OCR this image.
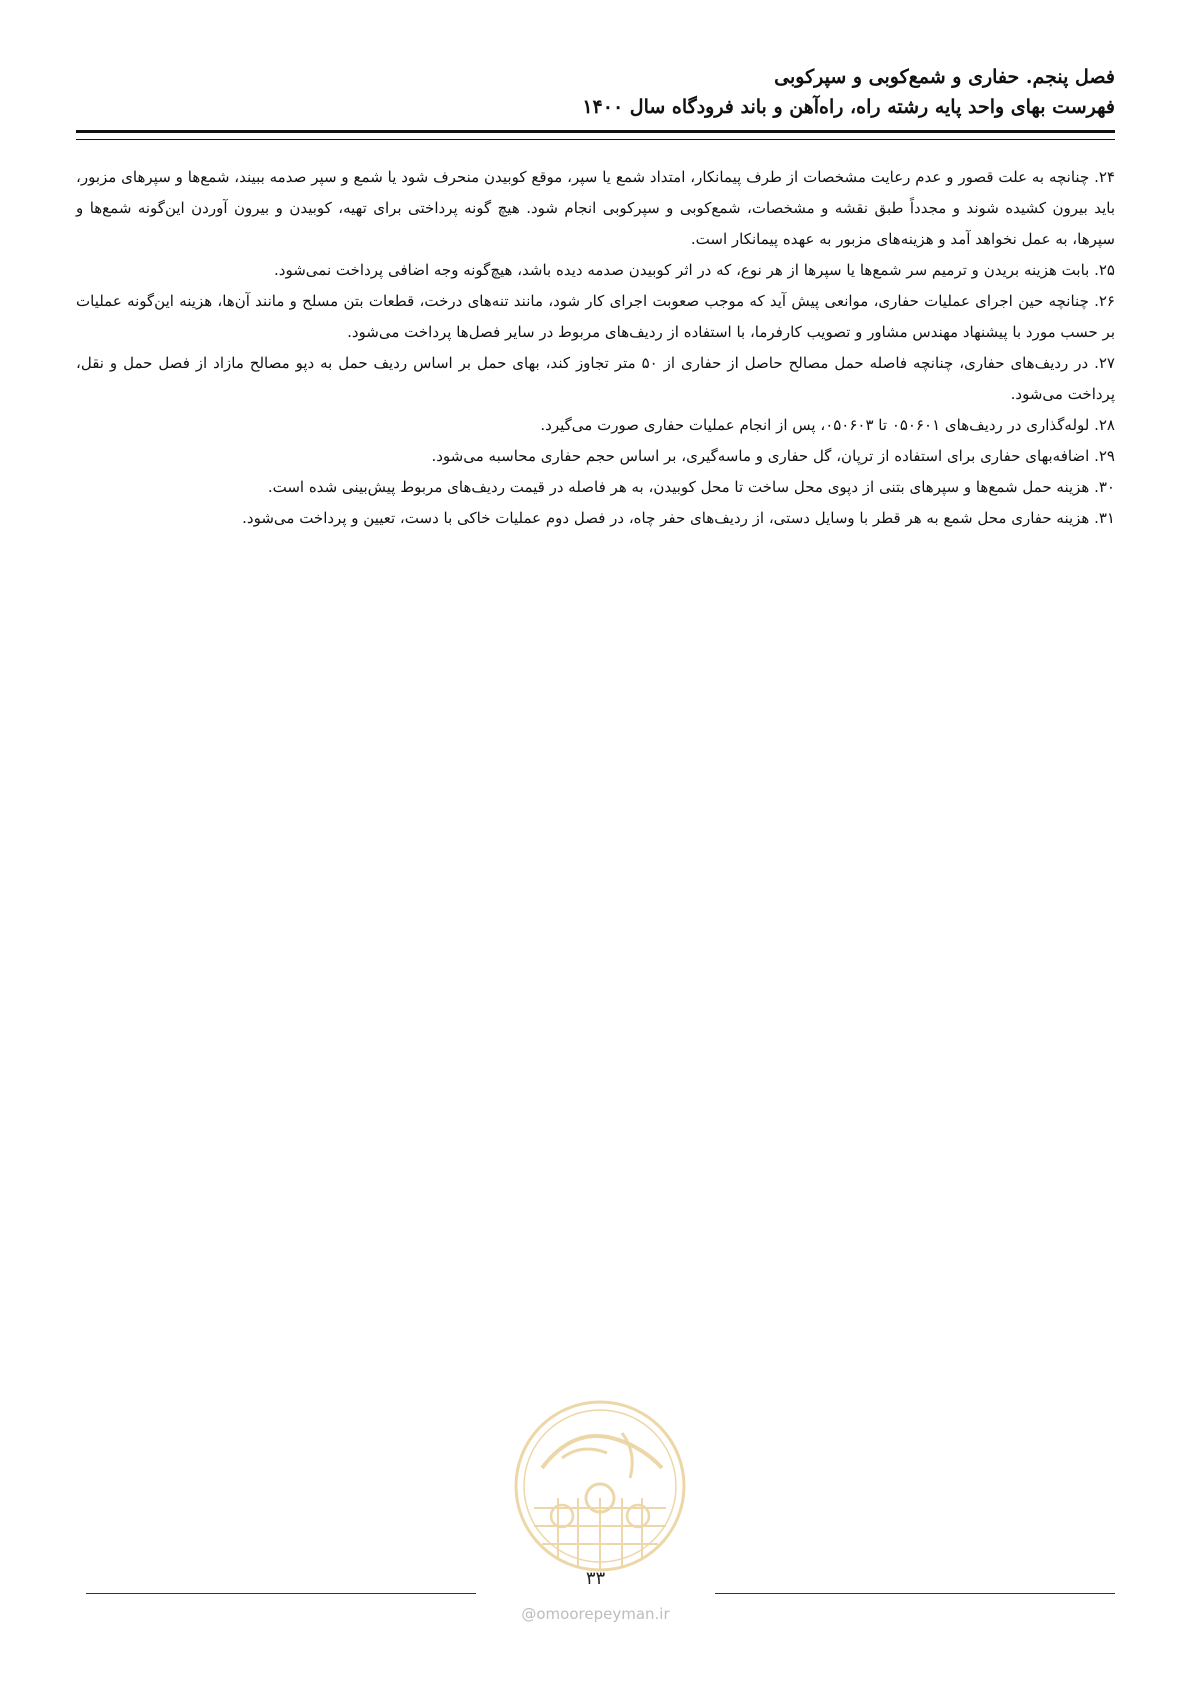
فصل پنجم. حفاری و شمع‌کوبی و سپرکوبی
فهرست بهای واحد پایه رشته راه، راه‌آهن و باند فرودگاه سال ۱۴۰۰

۲۴. چنانچه به علت قصور و عدم رعایت مشخصات از طرف پیمانکار، امتداد شمع یا سپر، موقع کوبیدن منحرف شود یا شمع و سپر صدمه ببیند، شمع‌ها و سپرهای مزبور، باید بیرون کشیده شوند و مجدداً طبق نقشه و مشخصات، شمع‌کوبی و سپرکوبی انجام شود. هیچ گونه پرداختی برای تهیه، کوبیدن و بیرون آوردن این‌گونه شمع‌ها و سپرها، به عمل نخواهد آمد و هزینه‌های مزبور به عهده پیمانکار است.

۲۵. بابت هزینه بریدن و ترمیم سر شمع‌ها یا سپرها از هر نوع، که در اثر کوبیدن صدمه دیده باشد، هیچ‌گونه وجه اضافی پرداخت نمی‌شود.

۲۶. چنانچه حین اجرای عملیات حفاری، موانعی پیش آید که موجب صعوبت اجرای کار شود، مانند تنه‌های درخت، قطعات بتن مسلح و مانند آن‌ها، هزینه این‌گونه عملیات بر حسب مورد با پیشنهاد مهندس مشاور و تصویب کارفرما، با استفاده از ردیف‌های مربوط در سایر فصل‌ها پرداخت می‌شود.

۲۷. در ردیف‌های حفاری، چنانچه فاصله حمل مصالح حاصل از حفاری از ۵۰ متر تجاوز کند، بهای حمل بر اساس ردیف حمل به دپو مصالح مازاد از فصل حمل و نقل، پرداخت می‌شود.

۲۸. لوله‌گذاری در ردیف‌های ۰۵۰۶۰۱ تا ۰۵۰۶۰۳، پس از انجام عملیات حفاری صورت می‌گیرد.

۲۹. اضافه‌بهای حفاری برای استفاده از ترپان، گل حفاری و ماسه‌گیری، بر اساس حجم حفاری محاسبه می‌شود.

۳۰. هزینه حمل شمع‌ها و سپرهای بتنی از دپوی محل ساخت تا محل کوبیدن، به هر فاصله در قیمت ردیف‌های مربوط پیش‌بینی شده است.

۳۱. هزینه حفاری محل شمع به هر قطر با وسایل دستی، از ردیف‌های حفر چاه، در فصل دوم عملیات خاکی با دست، تعیین و پرداخت می‌شود.

۳۳
@omoorepeyman.ir
